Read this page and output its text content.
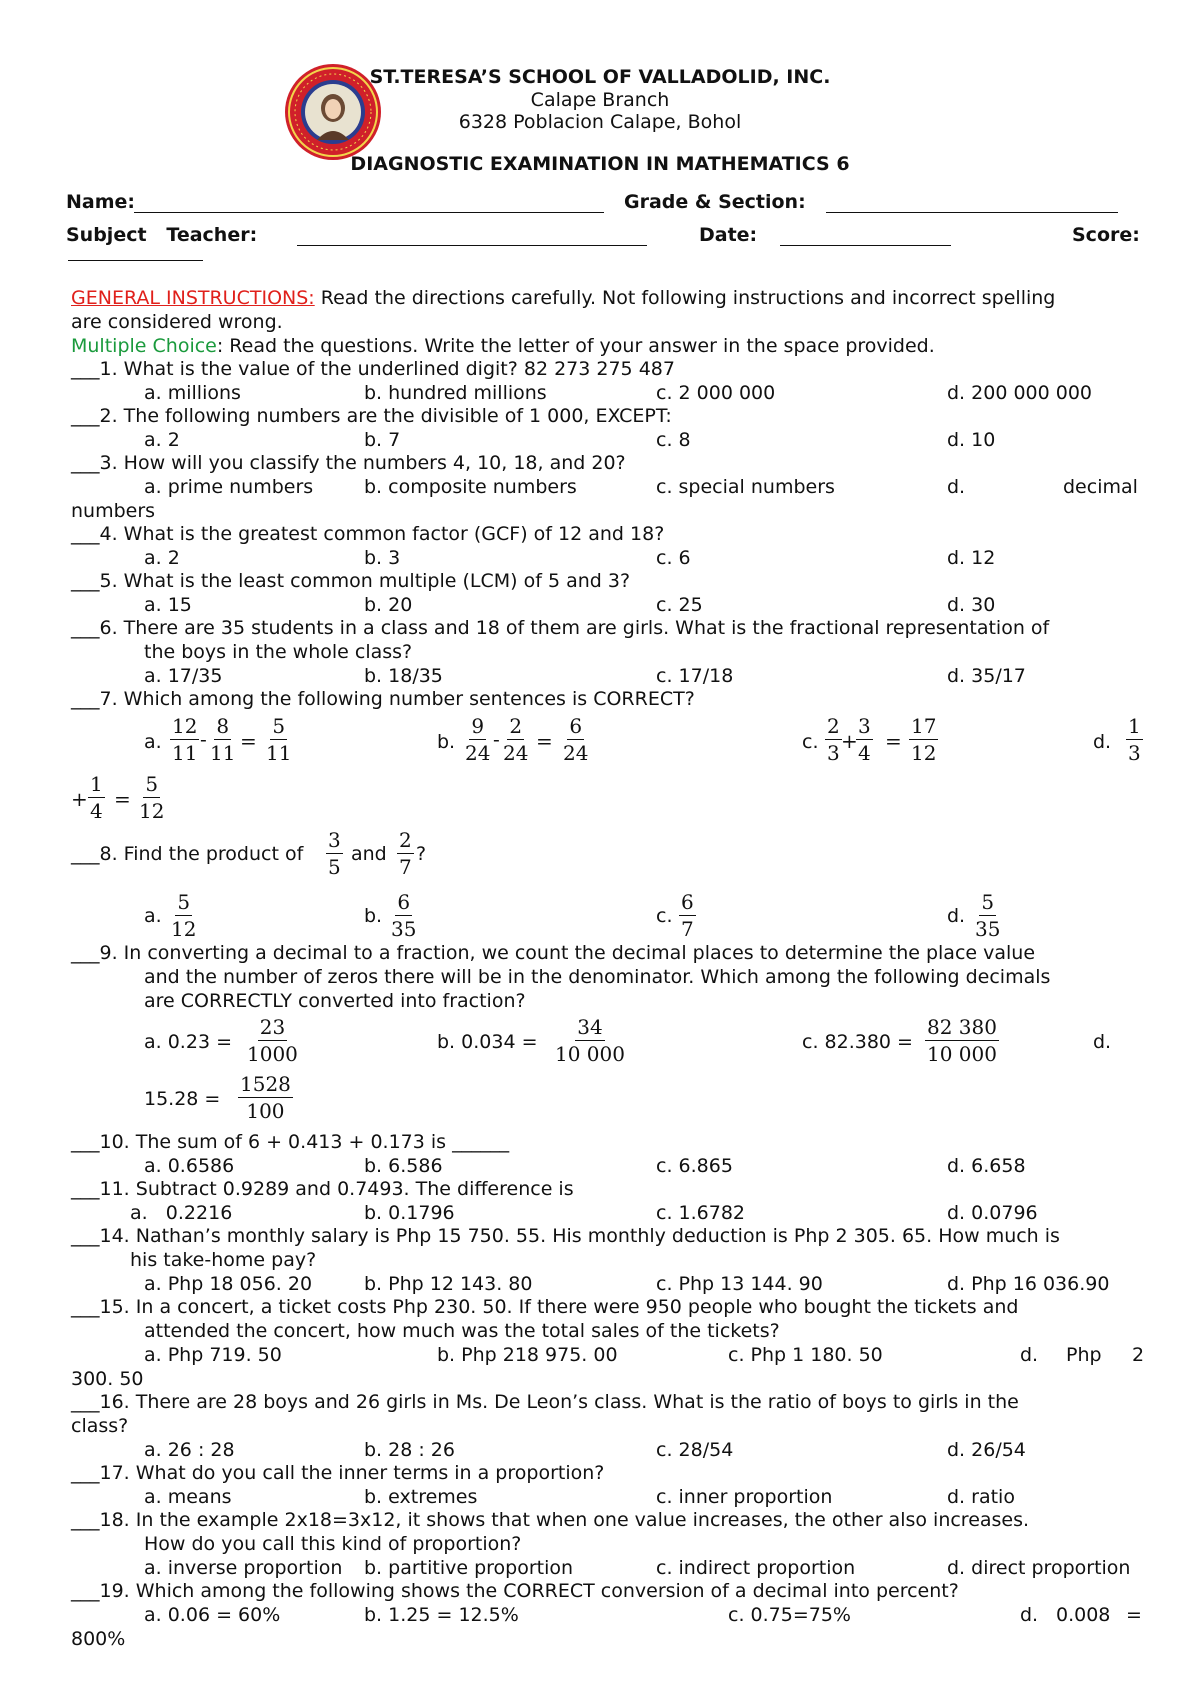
ST.TERESA’S SCHOOL OF VALLADOLID, INC.
Calape Branch
6328 Poblacion Calape, Bohol
DIAGNOSTIC EXAMINATION IN MATHEMATICS 6
Name:	Grade & Section:
Subject   Teacher:	Date:	Score:
GENERAL INSTRUCTIONS: Read the directions carefully. Not following instructions and incorrect spelling
are considered wrong.
Multiple Choice: Read the questions. Write the letter of your answer in the space provided.
___1. What is the value of the underlined digit? 82 273 275 487
a. millions	b. hundred millions	c. 2 000 000	d. 200 000 000
___2. The following numbers are the divisible of 1 000, EXCEPT:
a. 2	b. 7	c. 8	d. 10
___3. How will you classify the numbers 4, 10, 18, and 20?
a. prime numbers	b. composite numbers	c. special numbers	d.	decimal
numbers
___4. What is the greatest common factor (GCF) of 12 and 18?
a. 2	b. 3	c. 6	d. 12
___5. What is the least common multiple (LCM) of 5 and 3?
a. 15	b. 20	c. 25	d. 30
___6. There are 35 students in a class and 18 of them are girls. What is the fractional representation of
the boys in the whole class?
a. 17/35	b. 18/35	c. 17/18	d. 35/17
___7. Which among the following number sentences is CORRECT?
a. $\frac{12}{11} - \frac{8}{11} = \frac{5}{11}$	b. $\frac{9}{24} - \frac{2}{24} = \frac{6}{24}$	c. $\frac{2}{3}$ +
$\frac{3}{4} = \frac{17}{12}$	d. $\frac{1}{3}$
+ $\frac{1}{4} = \frac{5}{12}$
___8. Find the product of $\frac{3}{5}$ and $\frac{2}{7}$ ?
a. $\frac{5}{12}$	b. $\frac{6}{35}$	c. $\frac{6}{7}$	d. $\frac{5}{35}$
___9. In converting a decimal to a fraction, we count the decimal places to determine the place value
and the number of zeros there will be in the denominator. Which among the following decimals
are CORRECTLY converted into fraction?
a. $0.23 = \frac{23}{1000}$	b. $0.034 = \frac{34}{10 000}$	c. $82.380 = \frac{82 380}{10 000}$	d.
$15.28 = \frac{1528}{100}$
___10. The sum of 6 + 0.413 + 0.173 is ______
a. 0.6586	b. 6.586	c. 6.865	d. 6.658
___11. Subtract 0.9289 and 0.7493. The difference is
a.   0.2216	b. 0.1796	c. 1.6782	d. 0.0796
___14. Nathan’s monthly salary is Php 15 750. 55. His monthly deduction is Php 2 305. 65. How much is
his take-home pay?
a. Php 18 056. 20	b. Php 12 143. 80	c. Php 13 144. 90	d. Php 16 036.90
___15. In a concert, a ticket costs Php 230. 50. If there were 950 people who bought the tickets and
attended the concert, how much was the total sales of the tickets?
a. Php 719. 50	b. Php 218 975. 00	c. Php 1 180. 50	d. Php 2
300. 50
___16. There are 28 boys and 26 girls in Ms. De Leon’s class. What is the ratio of boys to girls in the
class?
a. 26 : 28	b. 28 : 26	c. 28/54	d. 26/54
___17. What do you call the inner terms in a proportion?
a. means	b. extremes	c. inner proportion	d. ratio
___18. In the example 2x18=3x12, it shows that when one value increases, the other also increases.
How do you call this kind of proportion?
a. inverse proportion b. partitive proportion	c. indirect proportion	d. direct proportion
___19. Which among the following shows the CORRECT conversion of a decimal into percent?
a. 0.06 = 60%	b. 1.25 = 12.5%	c. 0.75=75%	d. 0.008 =
800%
